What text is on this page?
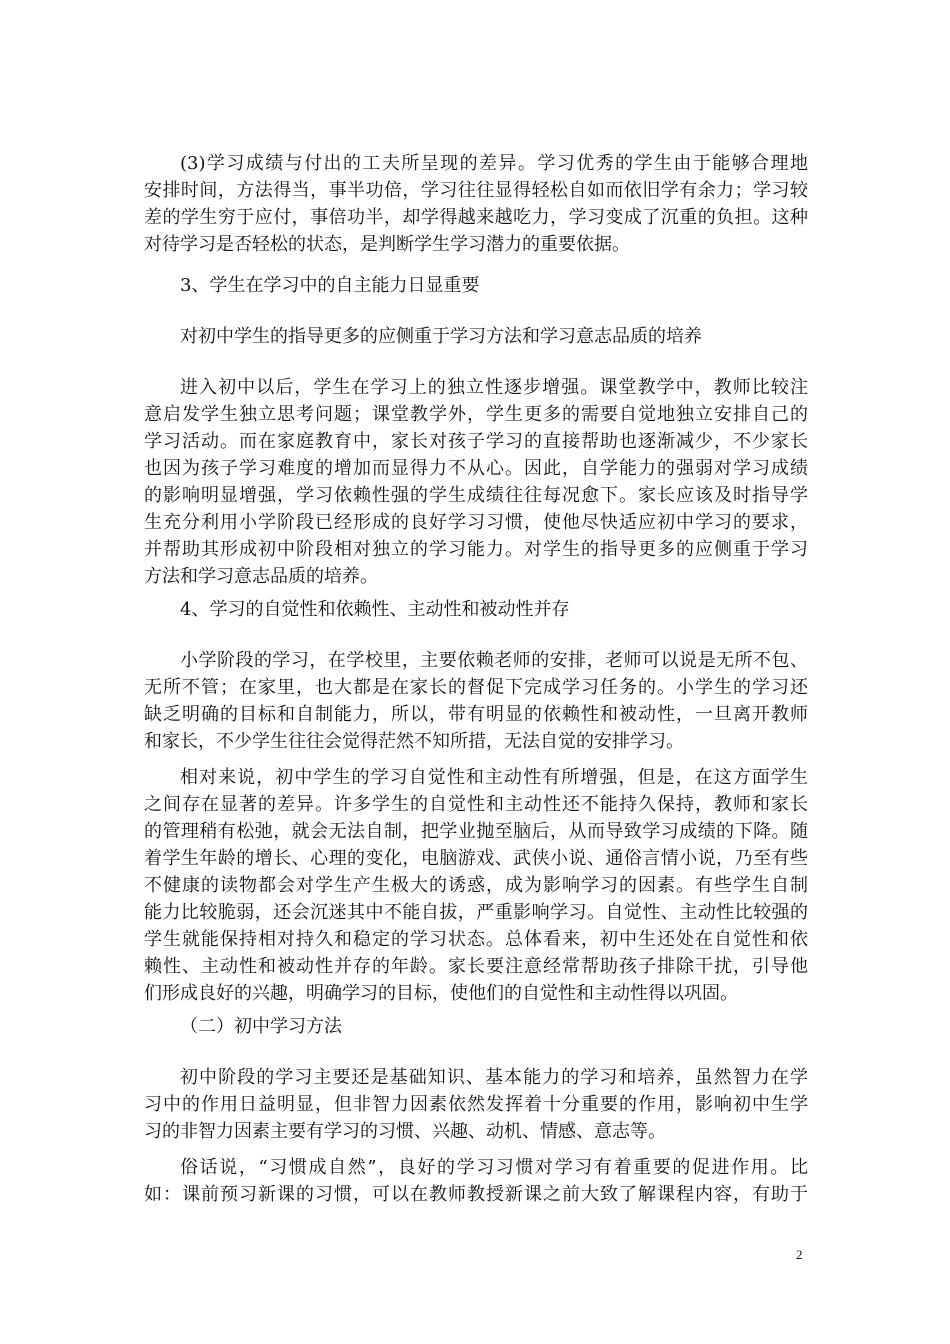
(3)学习成绩与付出的工夫所呈现的差异。学习优秀的学生由于能够合理地
安排时间，方法得当，事半功倍，学习往往显得轻松自如而依旧学有余力；学习较
差的学生穷于应付，事倍功半，却学得越来越吃力，学习变成了沉重的负担。这种
对待学习是否轻松的状态，是判断学生学习潜力的重要依据。
3、学生在学习中的自主能力日显重要
对初中学生的指导更多的应侧重于学习方法和学习意志品质的培养
进入初中以后，学生在学习上的独立性逐步增强。课堂教学中，教师比较注
意启发学生独立思考问题；课堂教学外，学生更多的需要自觉地独立安排自己的
学习活动。而在家庭教育中，家长对孩子学习的直接帮助也逐渐减少，不少家长
也因为孩子学习难度的增加而显得力不从心。因此，自学能力的强弱对学习成绩
的影响明显增强，学习依赖性强的学生成绩往往每况愈下。家长应该及时指导学
生充分利用小学阶段已经形成的良好学习习惯，使他尽快适应初中学习的要求，
并帮助其形成初中阶段相对独立的学习能力。对学生的指导更多的应侧重于学习
方法和学习意志品质的培养。
4、学习的自觉性和依赖性、主动性和被动性并存
小学阶段的学习，在学校里，主要依赖老师的安排，老师可以说是无所不包、
无所不管；在家里，也大都是在家长的督促下完成学习任务的。小学生的学习还
缺乏明确的目标和自制能力，所以，带有明显的依赖性和被动性，一旦离开教师
和家长，不少学生往往会觉得茫然不知所措，无法自觉的安排学习。
相对来说，初中学生的学习自觉性和主动性有所增强，但是，在这方面学生
之间存在显著的差异。许多学生的自觉性和主动性还不能持久保持，教师和家长
的管理稍有松弛，就会无法自制，把学业抛至脑后，从而导致学习成绩的下降。随
着学生年龄的增长、心理的变化，电脑游戏、武侠小说、通俗言情小说，乃至有些
不健康的读物都会对学生产生极大的诱惑，成为影响学习的因素。有些学生自制
能力比较脆弱，还会沉迷其中不能自拔，严重影响学习。自觉性、主动性比较强的
学生就能保持相对持久和稳定的学习状态。总体看来，初中生还处在自觉性和依
赖性、主动性和被动性并存的年龄。家长要注意经常帮助孩子排除干扰，引导他
们形成良好的兴趣，明确学习的目标，使他们的自觉性和主动性得以巩固。
（二）初中学习方法
初中阶段的学习主要还是基础知识、基本能力的学习和培养，虽然智力在学
习中的作用日益明显，但非智力因素依然发挥着十分重要的作用，影响初中生学
习的非智力因素主要有学习的习惯、兴趣、动机、情感、意志等。
俗话说，“习惯成自然”，良好的学习习惯对学习有着重要的促进作用。比
如：课前预习新课的习惯，可以在教师教授新课之前大致了解课程内容，有助于
2
